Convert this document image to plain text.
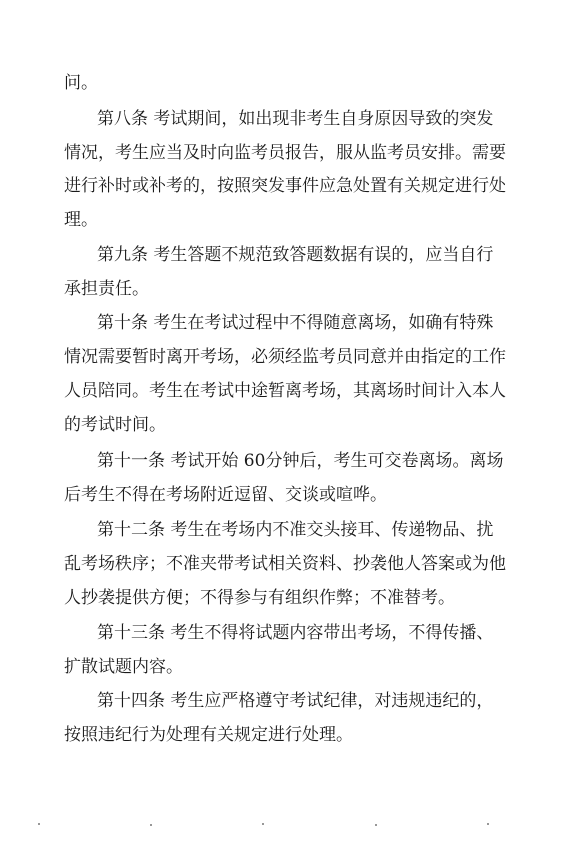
问。
第八条 考试期间，如出现非考生自身原因导致的突发
情况，考生应当及时向监考员报告，服从监考员安排。需要
进行补时或补考的，按照突发事件应急处置有关规定进行处
理。
第九条 考生答题不规范致答题数据有误的，应当自行
承担责任。
第十条 考生在考试过程中不得随意离场，如确有特殊
情况需要暂时离开考场，必须经监考员同意并由指定的工作
人员陪同。考生在考试中途暂离考场，其离场时间计入本人
的考试时间。
第十一条 考试开始 60分钟后，考生可交卷离场。离场
后考生不得在考场附近逗留、交谈或喧哗。
第十二条 考生在考场内不准交头接耳、传递物品、扰
乱考场秩序；不准夹带考试相关资料、抄袭他人答案或为他
人抄袭提供方便；不得参与有组织作弊；不准替考。
第十三条 考生不得将试题内容带出考场，不得传播、
扩散试题内容。
第十四条 考生应严格遵守考试纪律，对违规违纪的，
按照违纪行为处理有关规定进行处理。
